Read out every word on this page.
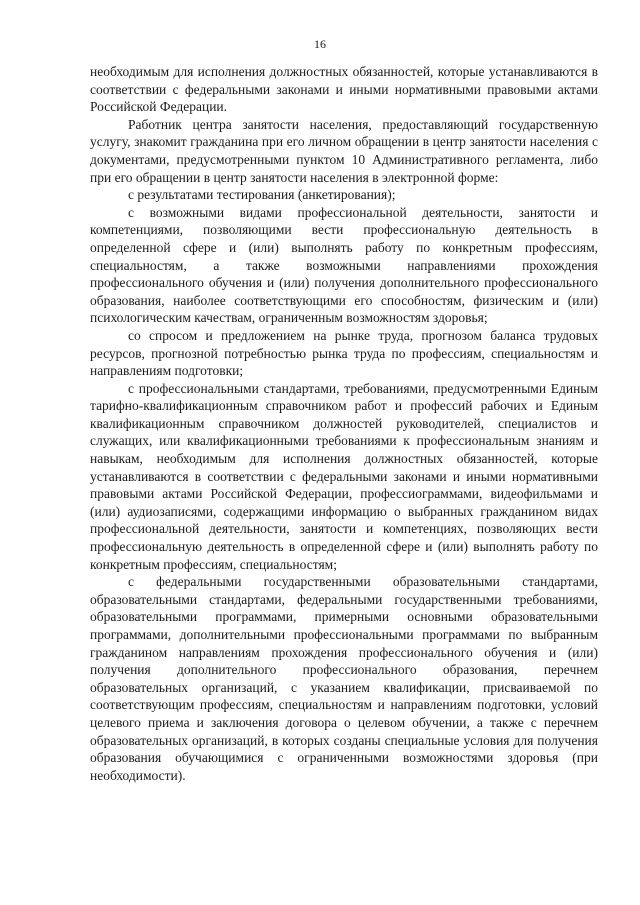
16

необходимым для исполнения должностных обязанностей, которые устанавливаются в соответствии с федеральными законами и иными нормативными правовыми актами Российской Федерации.

Работник центра занятости населения, предоставляющий государственную услугу, знакомит гражданина при его личном обращении в центр занятости населения с документами, предусмотренными пунктом 10 Административного регламента, либо при его обращении в центр занятости населения в электронной форме:

с результатами тестирования (анкетирования);

с возможными видами профессиональной деятельности, занятости и компетенциями, позволяющими вести профессиональную деятельность в определенной сфере и (или) выполнять работу по конкретным профессиям, специальностям, а также возможными направлениями прохождения профессионального обучения и (или) получения дополнительного профессионального образования, наиболее соответствующими его способностям, физическим и (или) психологическим качествам, ограниченным возможностям здоровья;

со спросом и предложением на рынке труда, прогнозом баланса трудовых ресурсов, прогнозной потребностью рынка труда по профессиям, специальностям и направлениям подготовки;

с профессиональными стандартами, требованиями, предусмотренными Единым тарифно-квалификационным справочником работ и профессий рабочих и Единым квалификационным справочником должностей руководителей, специалистов и служащих, или квалификационными требованиями к профессиональным знаниям и навыкам, необходимым для исполнения должностных обязанностей, которые устанавливаются в соответствии с федеральными законами и иными нормативными правовыми актами Российской Федерации, профессиограммами, видеофильмами и (или) аудиозаписями, содержащими информацию о выбранных гражданином видах профессиональной деятельности, занятости и компетенциях, позволяющих вести профессиональную деятельность в определенной сфере и (или) выполнять работу по конкретным профессиям, специальностям;

с федеральными государственными образовательными стандартами, образовательными стандартами, федеральными государственными требованиями, образовательными программами, примерными основными образовательными программами, дополнительными профессиональными программами по выбранным гражданином направлениям прохождения профессионального обучения и (или) получения дополнительного профессионального образования, перечнем образовательных организаций, с указанием квалификации, присваиваемой по соответствующим профессиям, специальностям и направлениям подготовки, условий целевого приема и заключения договора о целевом обучении, а также с перечнем образовательных организаций, в которых созданы специальные условия для получения образования обучающимися с ограниченными возможностями здоровья (при необходимости).
